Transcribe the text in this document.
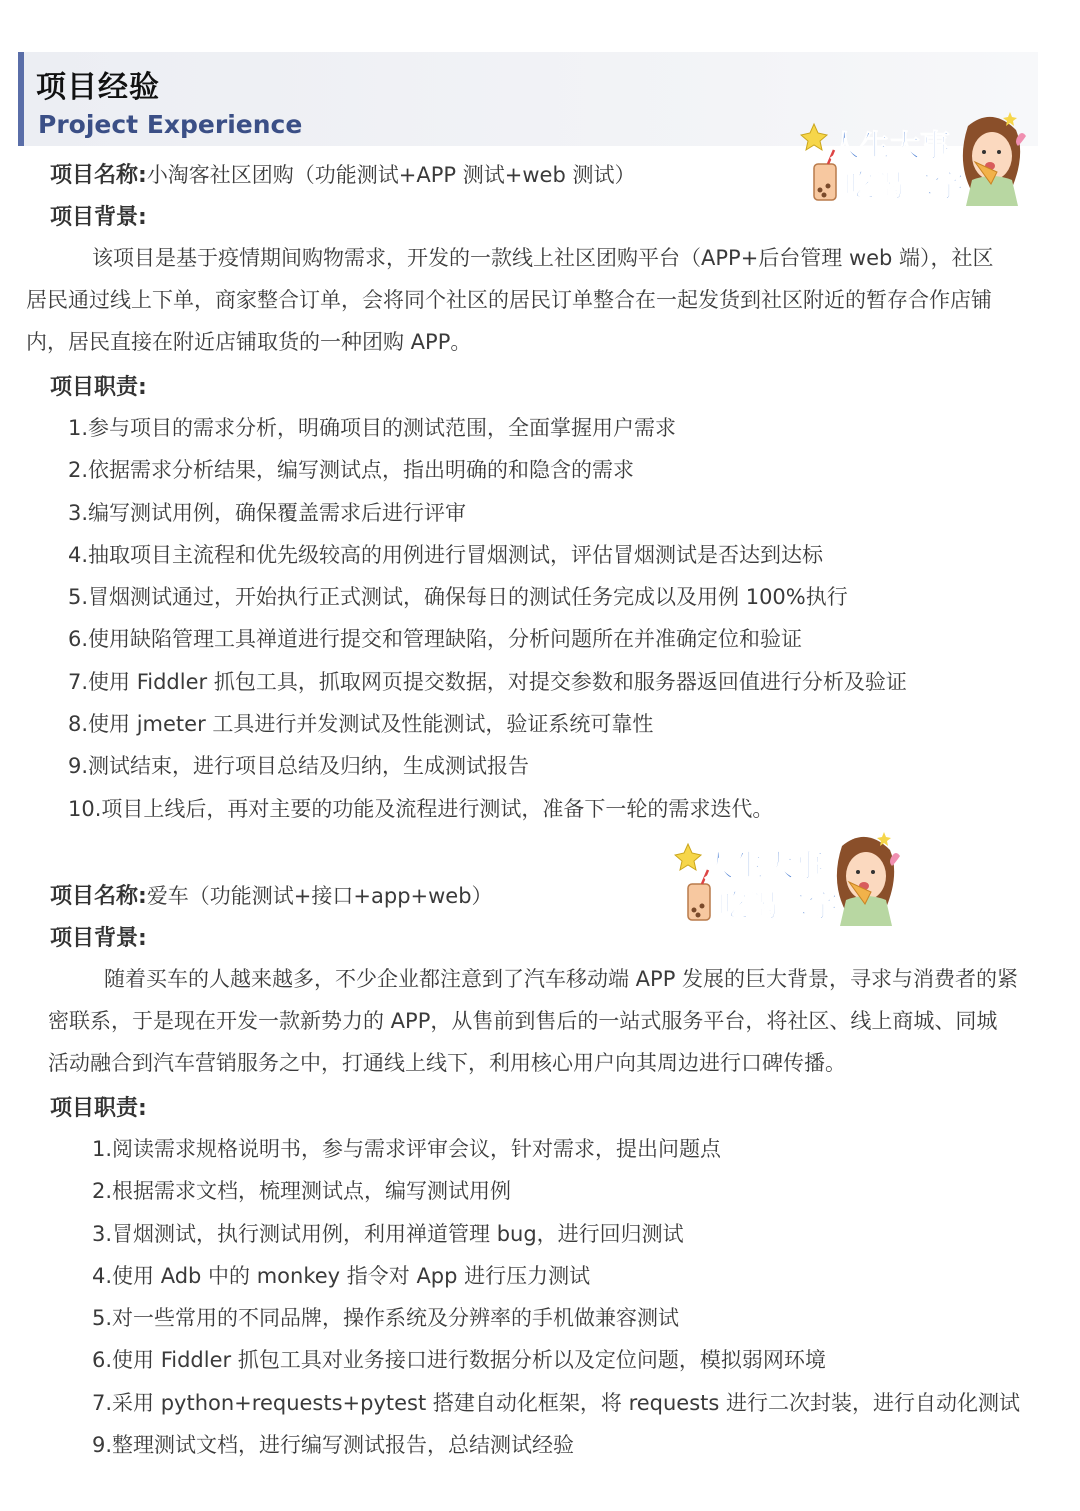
项目经验
Project Experience
人生大事
吃喝二字
人生大事
吃喝二字
项目名称:小淘客社区团购（功能测试+APP 测试+web 测试）
项目背景:

该项目是基于疫情期间购物需求，开发的一款线上社区团购平台（APP+后台管理 web 端），社区

居民通过线上下单，商家整合订单，会将同个社区的居民订单整合在一起发货到社区附近的暂存合作店铺

内，居民直接在附近店铺取货的一种团购 APP。

项目职责:
1.参与项目的需求分析，明确项目的测试范围，全面掌握用户需求
2.依据需求分析结果，编写测试点，指出明确的和隐含的需求
3.编写测试用例，确保覆盖需求后进行评审
4.抽取项目主流程和优先级较高的用例进行冒烟测试，评估冒烟测试是否达到达标
5.冒烟测试通过，开始执行正式测试，确保每日的测试任务完成以及用例 100%执行
6.使用缺陷管理工具禅道进行提交和管理缺陷，分析问题所在并准确定位和验证
7.使用 Fiddler 抓包工具，抓取网页提交数据，对提交参数和服务器返回值进行分析及验证
8.使用 jmeter 工具进行并发测试及性能测试，验证系统可靠性
9.测试结束，进行项目总结及归纳，生成测试报告
10.项目上线后，再对主要的功能及流程进行测试，准备下一轮的需求迭代。
项目名称:爱车（功能测试+接口+app+web）
项目背景:

随着买车的人越来越多，不少企业都注意到了汽车移动端 APP 发展的巨大背景，寻求与消费者的紧

密联系，于是现在开发一款新势力的 APP，从售前到售后的一站式服务平台，将社区、线上商城、同城

活动融合到汽车营销服务之中，打通线上线下，利用核心用户向其周边进行口碑传播。

项目职责:
1.阅读需求规格说明书，参与需求评审会议，针对需求，提出问题点
2.根据需求文档，梳理测试点，编写测试用例
3.冒烟测试，执行测试用例，利用禅道管理 bug，进行回归测试
4.使用 Adb 中的 monkey 指令对 App 进行压力测试
5.对一些常用的不同品牌，操作系统及分辨率的手机做兼容测试
6.使用 Fiddler 抓包工具对业务接口进行数据分析以及定位问题，模拟弱网环境
7.采用 python+requests+pytest 搭建自动化框架，将 requests 进行二次封装，进行自动化测试
9.整理测试文档，进行编写测试报告，总结测试经验
